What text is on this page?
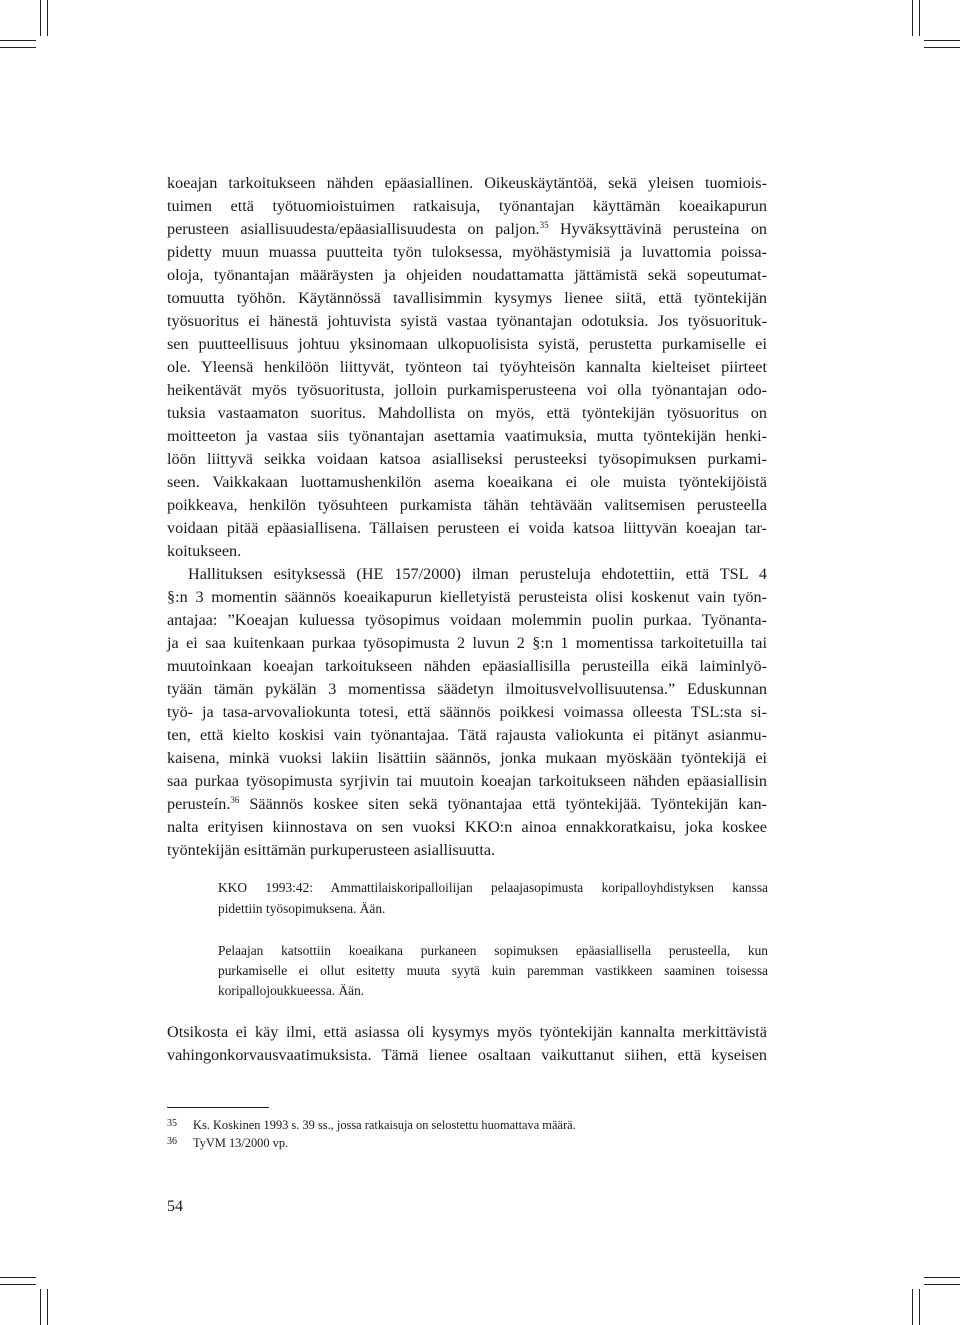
koeajan tarkoitukseen nähden epäasiallinen. Oikeuskäytäntöä, sekä yleisen tuomiois-
tuimen että työtuomioistuimen ratkaisuja, työnantajan käyttämän koeaikapurun
perusteen asiallisuudesta/epäasiallisuudesta on paljon.$^{35}$ Hyväksyttävinä perusteina on
pidetty muun muassa puutteita työn tuloksessa, myöhästymisiä ja luvattomia poissa-
oloja, työnantajan määräysten ja ohjeiden noudattamatta jättämistä sekä sopeutumat-
tomuutta työhön. Käytännössä tavallisimmin kysymys lienee siitä, että työntekijän
työsuoritus ei hänestä johtuvista syistä vastaa työnantajan odotuksia. Jos työsuorituk-
sen puutteellisuus johtuu yksinomaan ulkopuolisista syistä, perustetta purkamiselle ei
ole. Yleensä henkilöön liittyvät, työnteon tai työyhteisön kannalta kielteiset piirteet
heikentävät myös työsuoritusta, jolloin purkamisperusteena voi olla työnantajan odo-
tuksia vastaamaton suoritus. Mahdollista on myös, että työntekijän työsuoritus on
moitteeton ja vastaa siis työnantajan asettamia vaatimuksia, mutta työntekijän henki-
löön liittyvä seikka voidaan katsoa asialliseksi perusteeksi työsopimuksen purkami-
seen. Vaikkakaan luottamushenkilön asema koeaikana ei ole muista työntekijöistä
poikkeava, henkilön työsuhteen purkamista tähän tehtävään valitsemisen perusteella
voidaan pitää epäasiallisena. Tällaisen perusteen ei voida katsoa liittyvän koeajan tar-
koitukseen.
Hallituksen esityksessä (HE 157/2000) ilman perusteluja ehdotettiin, että TSL 4
§:n 3 momentin säännös koeaikapurun kielletyistä perusteista olisi koskenut vain työn-
antajaa: ”Koeajan kuluessa työsopimus voidaan molemmin puolin purkaa. Työnanta-
ja ei saa kuitenkaan purkaa työsopimusta 2 luvun 2 §:n 1 momentissa tarkoitetuilla tai
muutoinkaan koeajan tarkoitukseen nähden epäasiallisilla perusteilla eikä laiminlyö-
tyään tämän pykälän 3 momentissa säädetyn ilmoitusvelvollisuutensa.” Eduskunnan
työ- ja tasa-arvovaliokunta totesi, että säännös poikkesi voimassa olleesta TSL:sta si-
ten, että kielto koskisi vain työnantajaa. Tätä rajausta valiokunta ei pitänyt asianmu-
kaisena, minkä vuoksi lakiin lisättiin säännös, jonka mukaan myöskään työntekijä ei
saa purkaa työsopimusta syrjivin tai muutoin koeajan tarkoitukseen nähden epäasiallisin
perusteín.$^{36}$ Säännös koskee siten sekä työnantajaa että työntekijää. Työntekijän kan-
nalta erityisen kiinnostava on sen vuoksi KKO:n ainoa ennakkoratkaisu, joka koskee
työntekijän esittämän purkuperusteen asiallisuutta.
KKO 1993:42: Ammattilaiskoripalloilijan pelaajasopimusta koripalloyhdistyksen kanssa
pidettiin työsopimuksena. Ään.
Pelaajan katsottiin koeaikana purkaneen sopimuksen epäasiallisella perusteella, kun
purkamiselle ei ollut esitetty muuta syytä kuin paremman vastikkeen saaminen toisessa
koripallojoukkueessa. Ään.
Otsikosta ei käy ilmi, että asiassa oli kysymys myös työntekijän kannalta merkittävistä
vahingonkorvausvaatimuksista. Tämä lienee osaltaan vaikuttanut siihen, että kyseisen
35 Ks. Koskinen 1993 s. 39 ss., jossa ratkaisuja on selostettu huomattava määrä.
36 TyVM 13/2000 vp.
54
